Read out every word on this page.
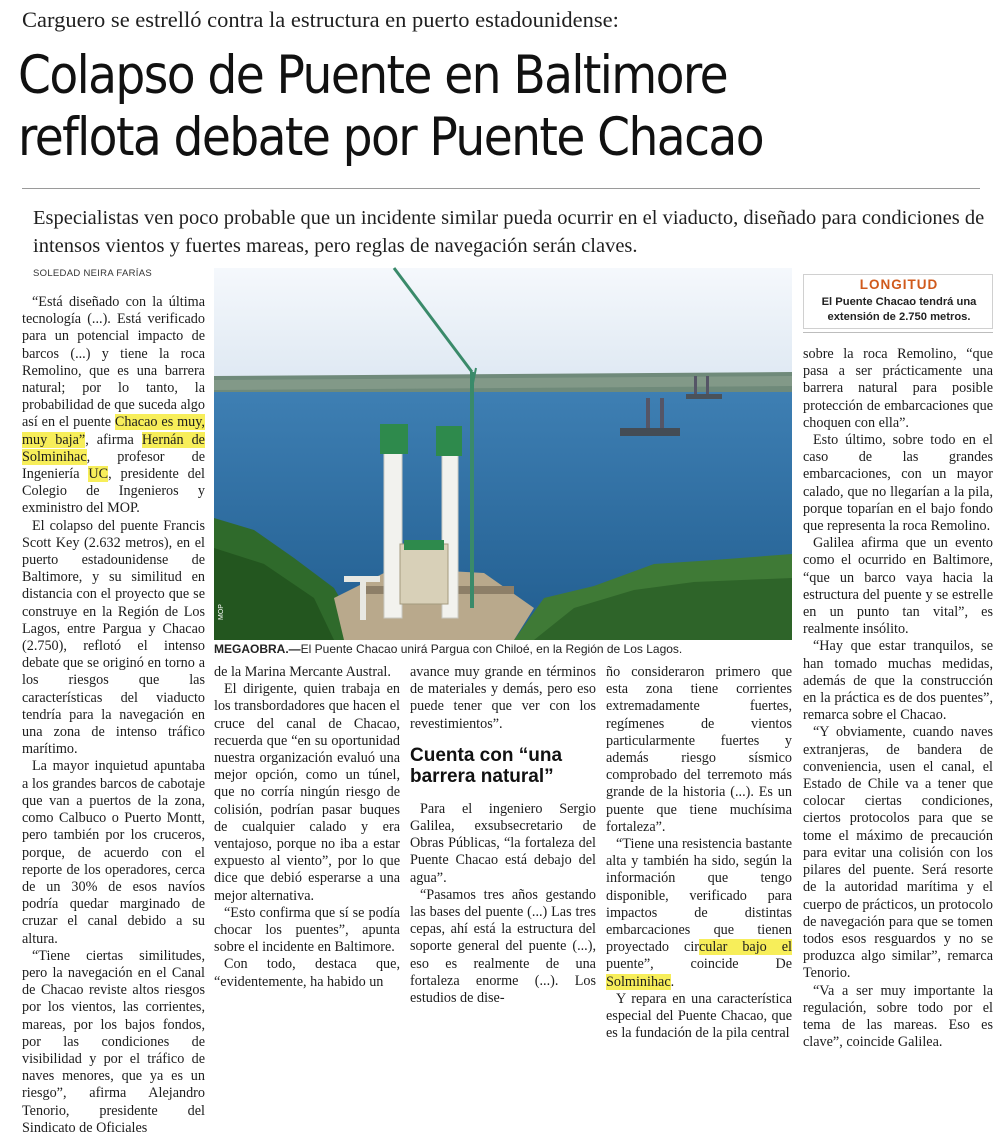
Carguero se estrelló contra la estructura en puerto estadounidense:
Colapso de Puente en Baltimore
reflota debate por Puente Chacao
Especialistas ven poco probable que un incidente similar pueda ocurrir en el viaducto, diseñado para condiciones de intensos vientos y fuertes mareas, pero reglas de navegación serán claves.
SOLEDAD NEIRA FARÍAS

“Está diseñado con la última tecnología (...). Está verificado para un potencial impacto de barcos (...) y tiene la roca Remolino, que es una barrera natural; por lo tanto, la probabilidad de que suceda algo así en el puente Chacao es muy, muy baja”, afirma Hernán de Solminihac, profesor de Ingeniería UC, presidente del Colegio de Ingenieros y exministro del MOP.

El colapso del puente Francis Scott Key (2.632 metros), en el puerto estadounidense de Baltimore, y su similitud en distancia con el proyecto que se construye en la Región de Los Lagos, entre Pargua y Chacao (2.750), reflotó el intenso debate que se originó en torno a los riesgos que las características del viaducto tendría para la navegación en una zona de intenso tráfico marítimo.

La mayor inquietud apuntaba a los grandes barcos de cabotaje que van a puertos de la zona, como Calbuco o Puerto Montt, pero también por los cruceros, porque, de acuerdo con el reporte de los operadores, cerca de un 30% de esos navíos podría quedar marginado de cruzar el canal debido a su altura.

“Tiene ciertas similitudes, pero la navegación en el Canal de Chacao reviste altos riesgos por los vientos, las corrientes, mareas, por los bajos fondos, por las condiciones de visibilidad y por el tráfico de naves menores, que ya es un riesgo”, afirma Alejandro Tenorio, presidente del Sindicato de Oficiales

MOP
MEGAOBRA.—El Puente Chacao unirá Pargua con Chiloé, en la Región de Los Lagos.

de la Marina Mercante Austral.

El dirigente, quien trabaja en los transbordadores que hacen el cruce del canal de Chacao, recuerda que “en su oportunidad nuestra organización evaluó una mejor opción, como un túnel, que no corría ningún riesgo de colisión, podrían pasar buques de cualquier calado y era ventajoso, porque no iba a estar expuesto al viento”, por lo que dice que debió esperarse a una mejor alternativa.

“Esto confirma que sí se podía chocar los puentes”, apunta sobre el incidente en Baltimore.

Con todo, destaca que, “evidentemente, ha habido un

avance muy grande en términos de materiales y demás, pero eso puede tener que ver con los revestimientos”.

Cuenta con “una barrera natural”

Para el ingeniero Sergio Galilea, exsubsecretario de Obras Públicas, “la fortaleza del Puente Chacao está debajo del agua”.

“Pasamos tres años gestando las bases del puente (...) Las tres cepas, ahí está la estructura del soporte general del puente (...), eso es realmente de una fortaleza enorme (...). Los estudios de dise-

ño consideraron primero que esta zona tiene corrientes extremadamente fuertes, regímenes de vientos particularmente fuertes y además riesgo sísmico comprobado del terremoto más grande de la historia (...). Es un puente que tiene muchísima fortaleza”.

“Tiene una resistencia bastante alta y también ha sido, según la información que tengo disponible, verificado para impactos de distintas embarcaciones que tienen proyectado circular bajo el puente”, coincide De Solminihac.

Y repara en una característica especial del Puente Chacao, que es la fundación de la pila central

LONGITUD
El Puente Chacao tendrá una extensión de 2.750 metros.

sobre la roca Remolino, “que pasa a ser prácticamente una barrera natural para posible protección de embarcaciones que choquen con ella”.

Esto último, sobre todo en el caso de las grandes embarcaciones, con un mayor calado, que no llegarían a la pila, porque toparían en el bajo fondo que representa la roca Remolino.

Galilea afirma que un evento como el ocurrido en Baltimore, “que un barco vaya hacia la estructura del puente y se estrelle en un punto tan vital”, es realmente insólito.

“Hay que estar tranquilos, se han tomado muchas medidas, además de que la construcción en la práctica es de dos puentes”, remarca sobre el Chacao.

“Y obviamente, cuando naves extranjeras, de bandera de conveniencia, usen el canal, el Estado de Chile va a tener que colocar ciertas condiciones, ciertos protocolos para que se tome el máximo de precaución para evitar una colisión con los pilares del puente. Será resorte de la autoridad marítima y el cuerpo de prácticos, un protocolo de navegación para que se tomen todos esos resguardos y no se produzca algo similar”, remarca Tenorio.

“Va a ser muy importante la regulación, sobre todo por el tema de las mareas. Eso es clave”, coincide Galilea.
